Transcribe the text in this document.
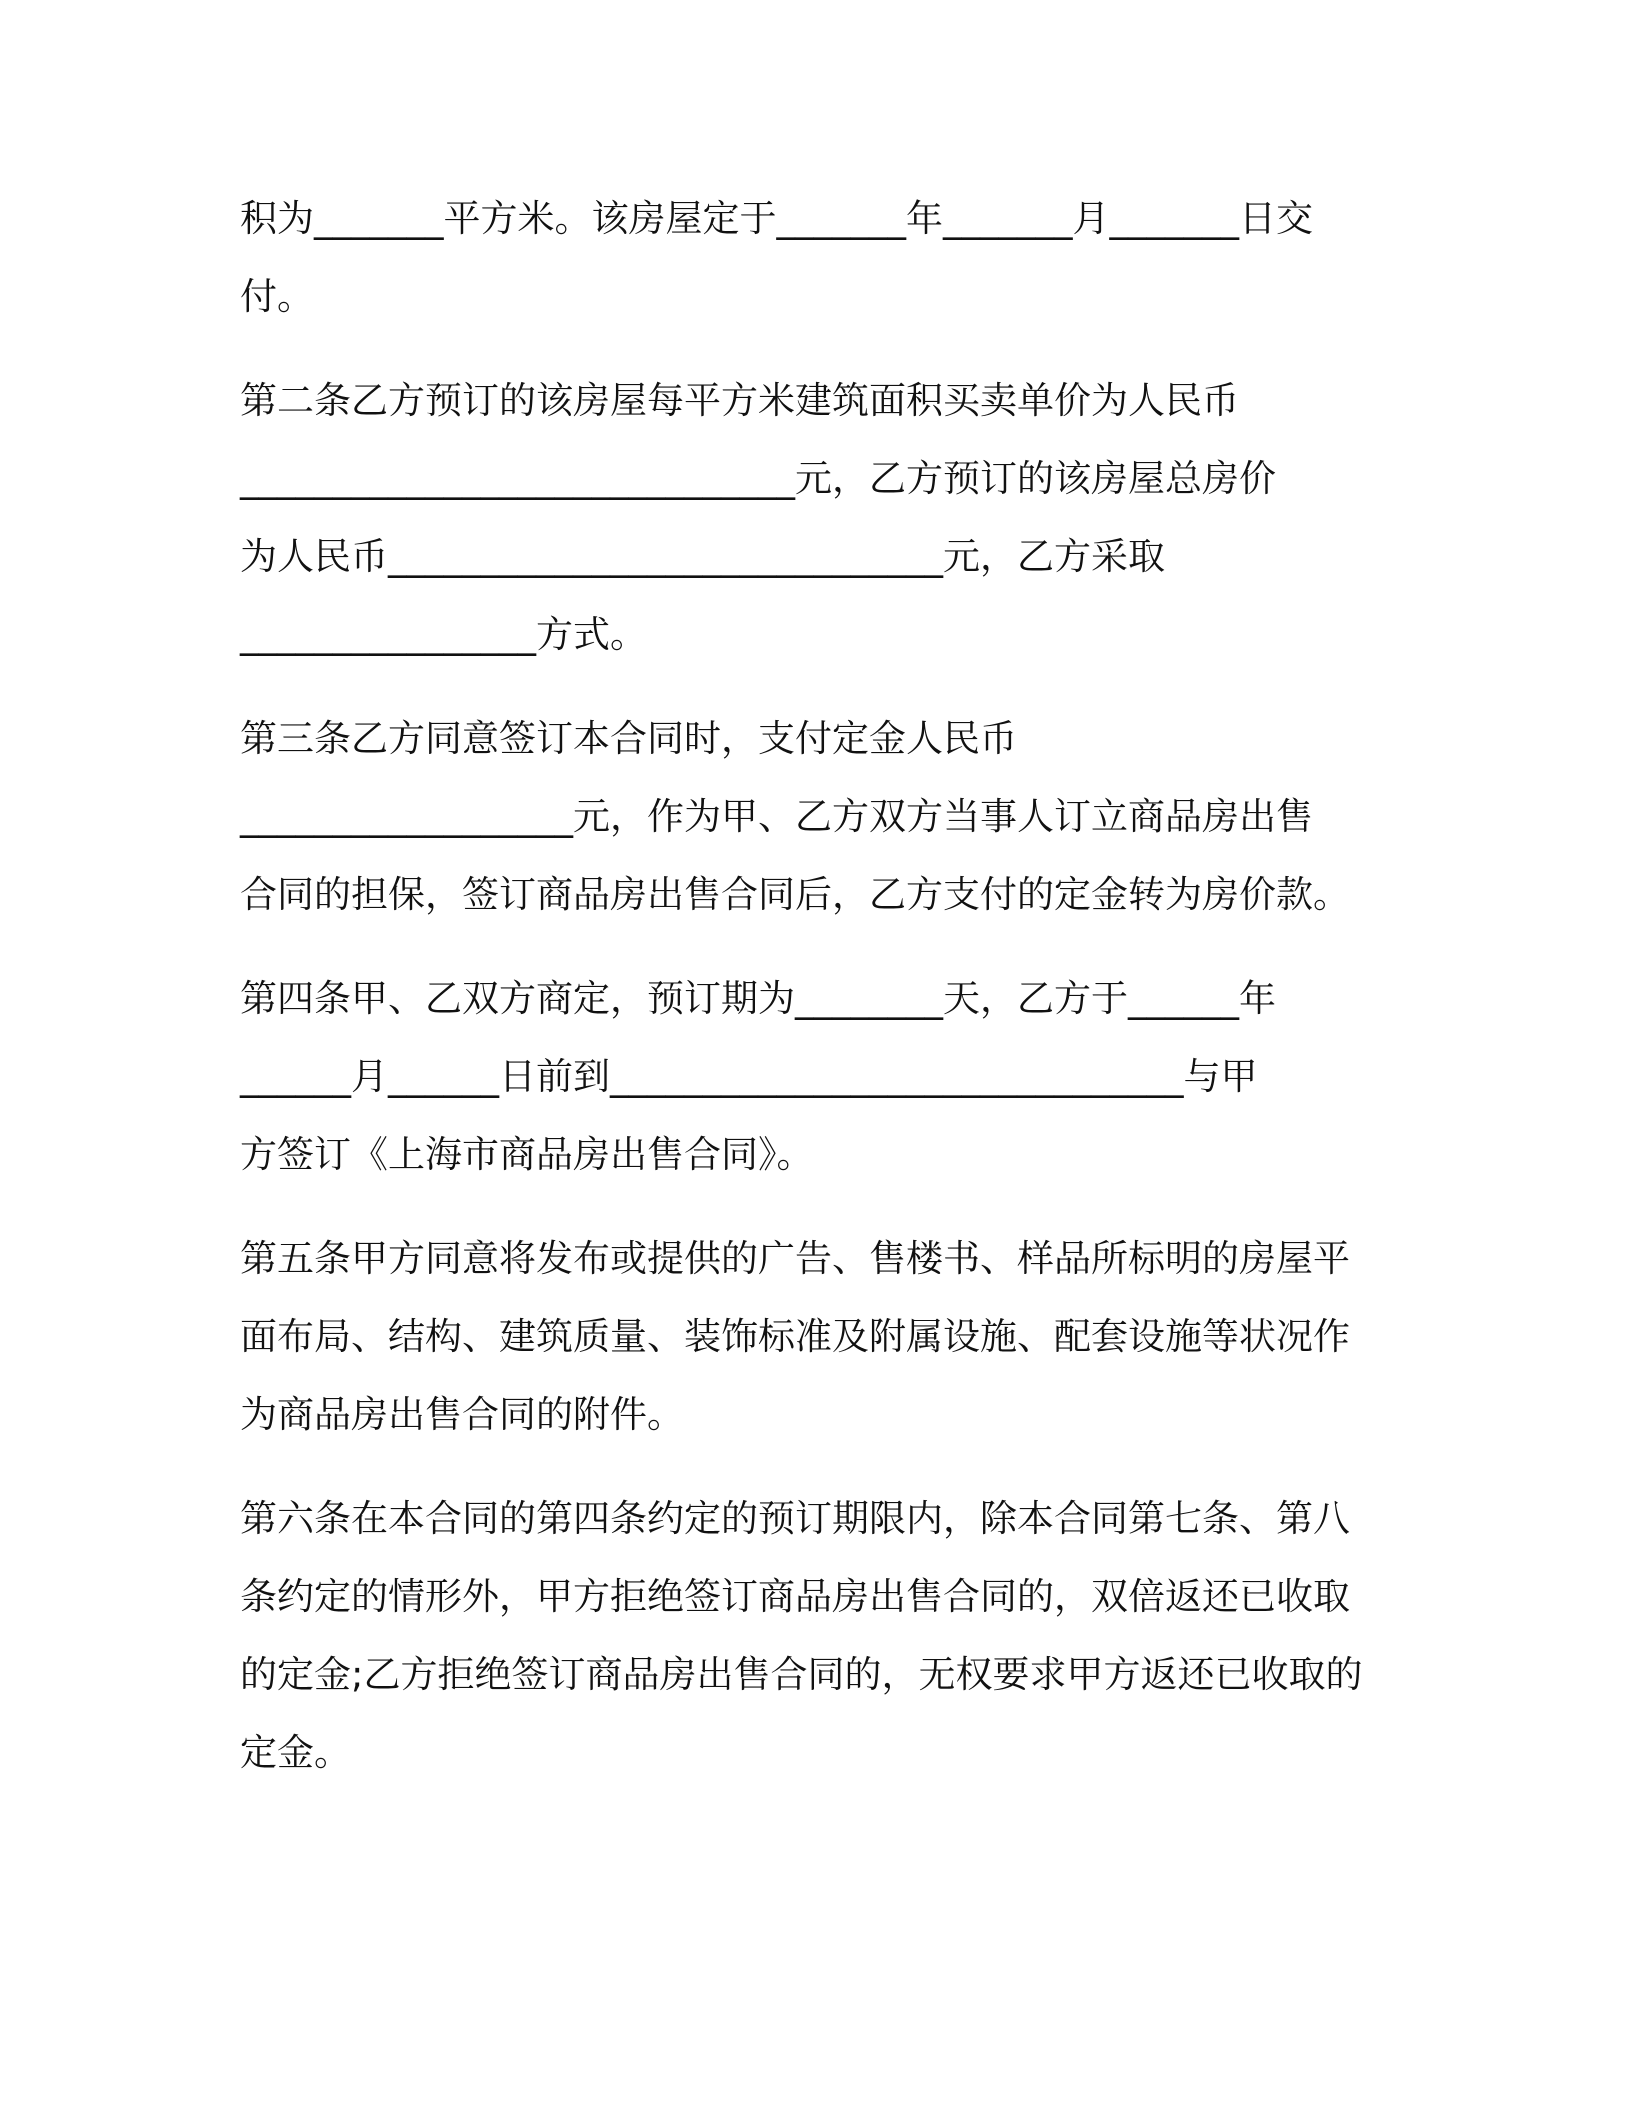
积为_______平方米。该房屋定于_______年_______月_______日交
付。
第二条乙方预订的该房屋每平方米建筑面积买卖单价为人民币
______________________________元，乙方预订的该房屋总房价
为人民币______________________________元，乙方采取
________________方式。
第三条乙方同意签订本合同时，支付定金人民币
__________________元，作为甲、乙方双方当事人订立商品房出售
合同的担保，签订商品房出售合同后，乙方支付的定金转为房价款。
第四条甲、乙双方商定，预订期为________天，乙方于______年
______月______日前到_______________________________与甲
方签订《上海市商品房出售合同》。
第五条甲方同意将发布或提供的广告、售楼书、样品所标明的房屋平
面布局、结构、建筑质量、装饰标准及附属设施、配套设施等状况作
为商品房出售合同的附件。
第六条在本合同的第四条约定的预订期限内，除本合同第七条、第八
条约定的情形外，甲方拒绝签订商品房出售合同的，双倍返还已收取
的定金;乙方拒绝签订商品房出售合同的，无权要求甲方返还已收取的
定金。
